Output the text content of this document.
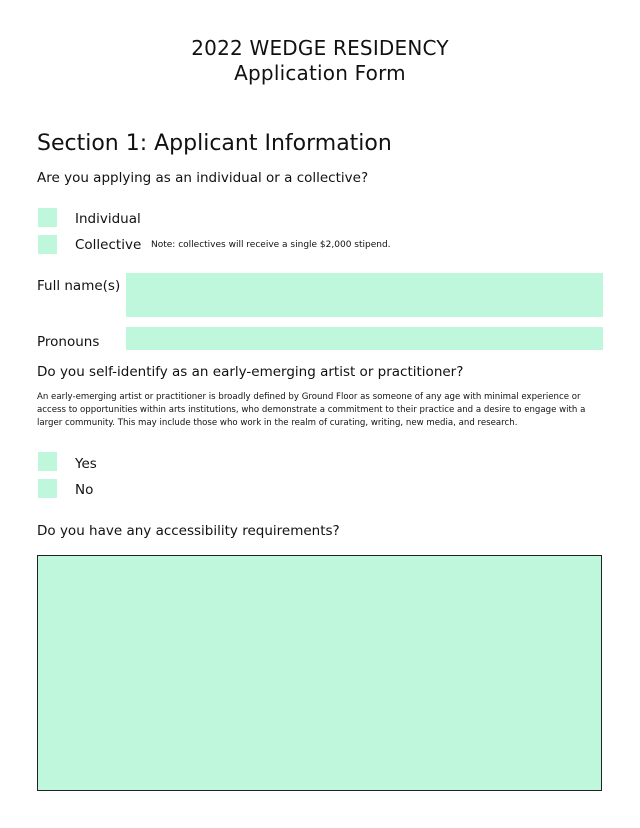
2022 WEDGE RESIDENCY
Application Form
Section 1: Applicant Information
Are you applying as an individual or a collective?
Individual
Collective Note: collectives will receive a single $2,000 stipend.
Full name(s)
Pronouns
Do you self-identify as an early-emerging artist or practitioner?
An early-emerging artist or practitioner is broadly defined by Ground Floor as someone of any age with minimal experience or access to opportunities within arts institutions, who demonstrate a commitment to their practice and a desire to engage with a larger community. This may include those who work in the realm of curating, writing, new media, and research.
Yes
No
Do you have any accessibility requirements?
